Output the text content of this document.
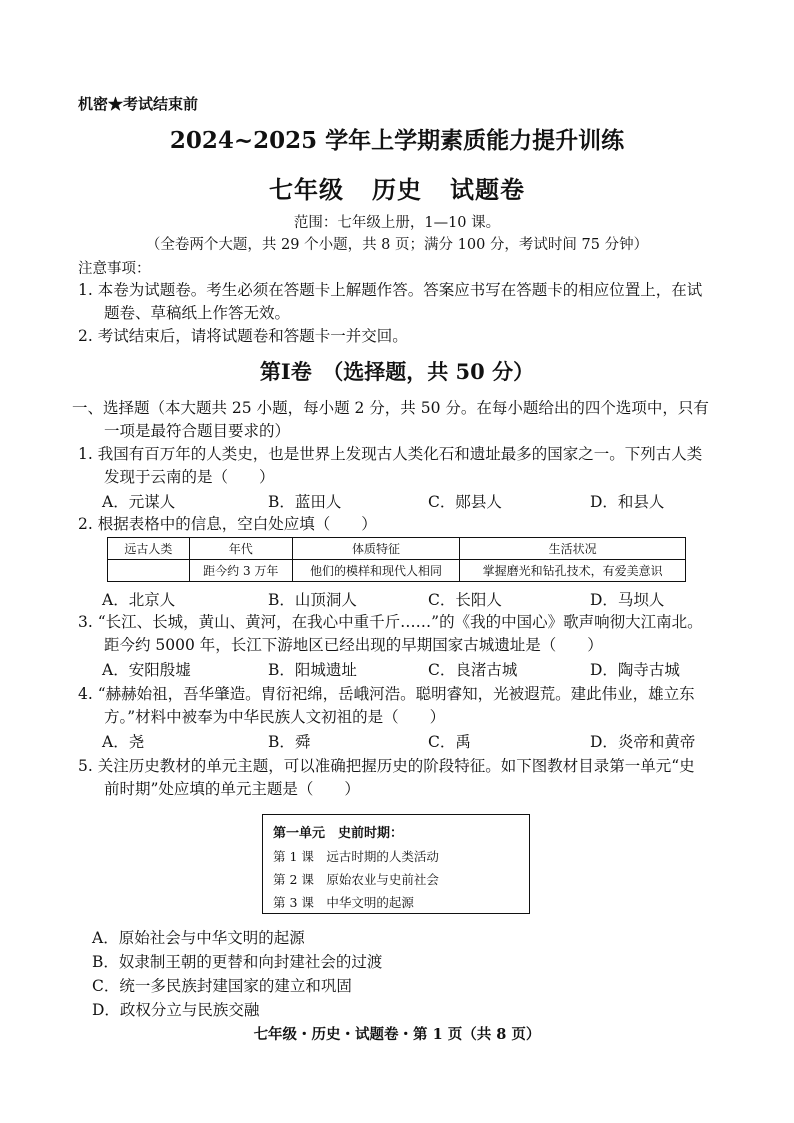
机密★考试结束前
2024~2025 学年上学期素质能力提升训练
七年级 历史 试题卷
范围：七年级上册，1—10 课。
（全卷两个大题，共 29 个小题，共 8 页；满分 100 分，考试时间 75 分钟）
注意事项：
1. 本卷为试题卷。考生必须在答题卡上解题作答。答案应书写在答题卡的相应位置上，在试
题卷、草稿纸上作答无效。
2. 考试结束后，请将试题卷和答题卡一并交回。
第Ⅰ卷　（选择题，共 50 分）
一、选择题（本大题共 25 小题，每小题 2 分，共 50 分。在每小题给出的四个选项中，只有
一项是最符合题目要求的）
1. 我国有百万年的人类史，也是世界上发现古人类化石和遗址最多的国家之一。下列古人类
发现于云南的是（　　）
A．元谋人	B．蓝田人	C．郧县人	D．和县人
2. 根据表格中的信息，空白处应填（　　）
远古人类	年代	体质特征	生活状况
	距今约 3 万年	他们的模样和现代人相同	掌握磨光和钻孔技术，有爱美意识
A．北京人	B．山顶洞人	C．长阳人	D．马坝人
3. “长江、长城，黄山、黄河，在我心中重千斤……”的《我的中国心》歌声响彻大江南北。
距今约 5000 年，长江下游地区已经出现的早期国家古城遗址是（　　）
A．安阳殷墟	B．阳城遗址	C．良渚古城	D．陶寺古城
4. “赫赫始祖，吾华肇造。胄衍祀绵，岳峨河浩。聪明睿知，光被遐荒。建此伟业，雄立东
方。”材料中被奉为中华民族人文初祖的是（　　）
A．尧	B．舜	C．禹	D．炎帝和黄帝
5. 关注历史教材的单元主题，可以准确把握历史的阶段特征。如下图教材目录第一单元“史
前时期”处应填的单元主题是（　　）
第一单元　史前时期：
第 1 课　远古时期的人类活动
第 2 课　原始农业与史前社会
第 3 课　中华文明的起源
A．原始社会与中华文明的起源
B．奴隶制王朝的更替和向封建社会的过渡
C．统一多民族封建国家的建立和巩固
D．政权分立与民族交融
七年级・历史・试题卷・第 1 页（共 8 页）
